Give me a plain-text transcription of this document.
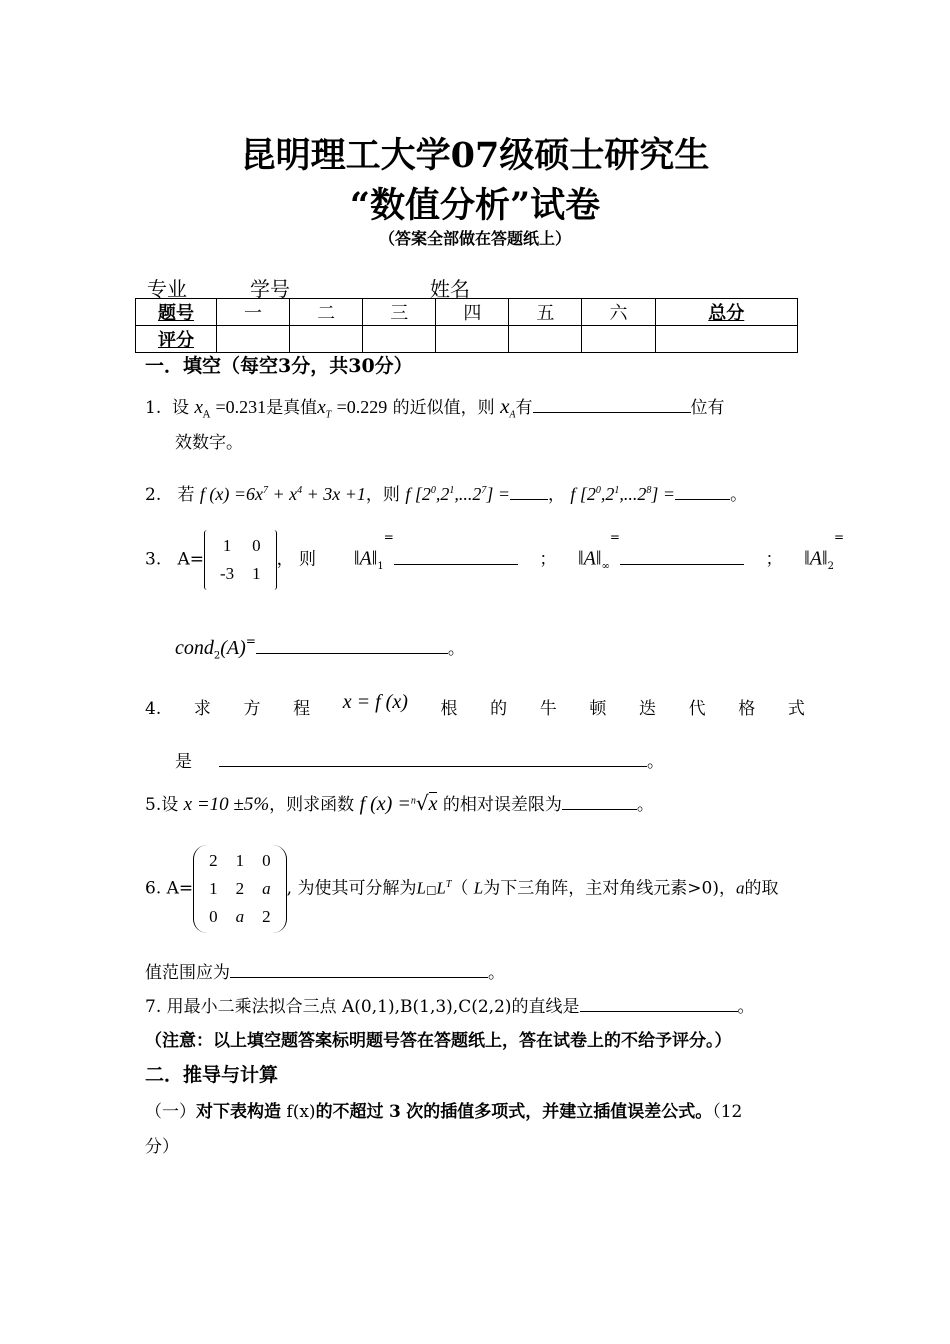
昆明理工大学07级硕士研究生
“数值分析”试卷
（答案全部做在答题纸上）
专业	学号	姓名
题号	一	二	三	四	五	六	总分
评分							
一．填空（每空3分，共30分）
1. 设 $x_A =0.231$是真值$x_T =0.229$ 的近似值，则 $x_A$有	位有
效数字。
2. 若 f $(x) =6x^7 + x^4 + 3x +1$，则 f $[2^0,2^1,...2^7]$ = ， f $[2^0,2^1,...2^8]$ =	。
3. A=
1	0
-3	1
， 则 $‖A‖_1^=$    ； $‖A‖_\infty^=$    ； $‖A‖_2^=$
cond$_2$(A)=	。
4. 求 方 程 x = f (x) 根 的 牛 顿 迭 代 格 式
是	。
5.设 x =10 ±5%，则求函数 f (x) =$^n$√x 的相对误差限为	。
6. A=
2	1	0
1	2	a
0	a	2
, 为使其可分解为$L□L^T$（ L为下三角阵，主对角线元素>0)，a的取
值范围应为	。
7. 用最小二乘法拟合三点 A(0,1),B(1,3),C(2,2)的直线是	。
（注意：以上填空题答案标明题号答在答题纸上，答在试卷上的不给予评分。）
二．推导与计算
（一）对下表构造 f(x)的不超过 3 次的插值多项式，并建立插值误差公式。（12
分）
